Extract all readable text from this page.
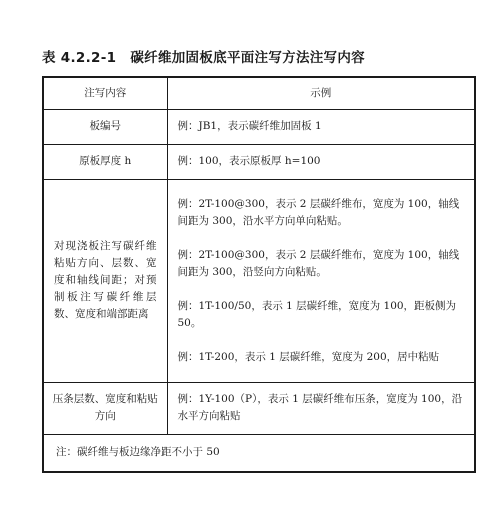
表 4.2.2-1 碳纤维加固板底平面注写方法注写内容
注写内容	示例
板编号	例：JB1，表示碳纤维加固板 1
原板厚度 h	例：100，表示原板厚 h=100
对现浇板注写碳纤维粘贴方向、层数、宽度和轴线间距；对预制板注写碳纤维层数、宽度和端部距离	例：2T-100@300，表示 2 层碳纤维布，宽度为 100，轴线间距为 300，沿水平方向单向粘贴。
例：2T-100@300，表示 2 层碳纤维布，宽度为 100，轴线间距为 300，沿竖向方向粘贴。
例：1T-100/50，表示 1 层碳纤维，宽度为 100，距板侧为 50。
例：1T-200，表示 1 层碳纤维，宽度为 200，居中粘贴

压条层数、宽度和粘贴方向	例：1Y-100（P），表示 1 层碳纤维布压条，宽度为 100，沿水平方向粘贴
注：碳纤维与板边缘净距不小于 50	
